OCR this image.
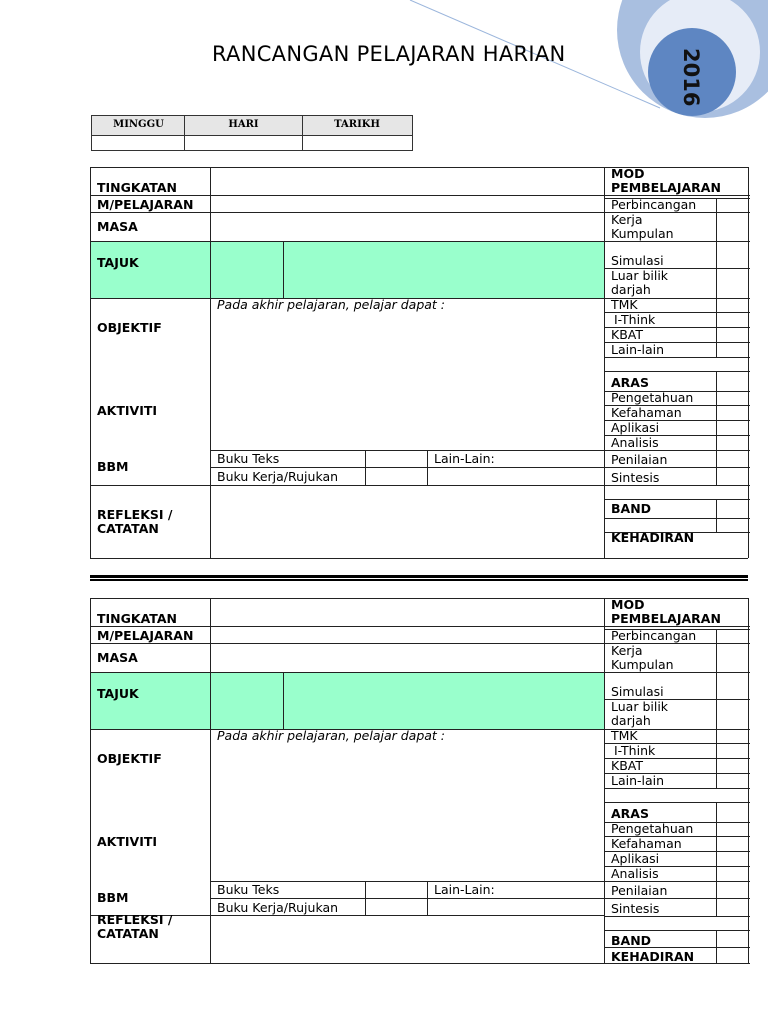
2016
RANCANGAN PELAJARAN HARIAN
MINGGU	HARI	TARIKH
TINGKATAN
M/PELAJARAN
MASA
TAJUK
OBJEKTIF
AKTIVITI
BBM
REFLEKSI /
CATATAN
Pada akhir pelajaran, pelajar dapat :
Buku Teks
Buku Kerja/Rujukan
Lain-Lain:
MOD
PEMBELAJARAN
Perbincangan
Kerja
Kumpulan
Simulasi
Luar bilik
darjah
TMK
I-Think
KBAT
Lain-lain
ARAS
Pengetahuan
Kefahaman
Aplikasi
Analisis
Penilaian
Sintesis
BAND
KEHADIRAN
TINGKATAN
M/PELAJARAN
MASA
TAJUK
OBJEKTIF
AKTIVITI
BBM
REFLEKSI /
CATATAN
Pada akhir pelajaran, pelajar dapat :
Buku Teks
Buku Kerja/Rujukan
Lain-Lain:
MOD
PEMBELAJARAN
Perbincangan
Kerja
Kumpulan
Simulasi
Luar bilik
darjah
TMK
I-Think
KBAT
Lain-lain
ARAS
Pengetahuan
Kefahaman
Aplikasi
Analisis
Penilaian
Sintesis
BAND
KEHADIRAN
